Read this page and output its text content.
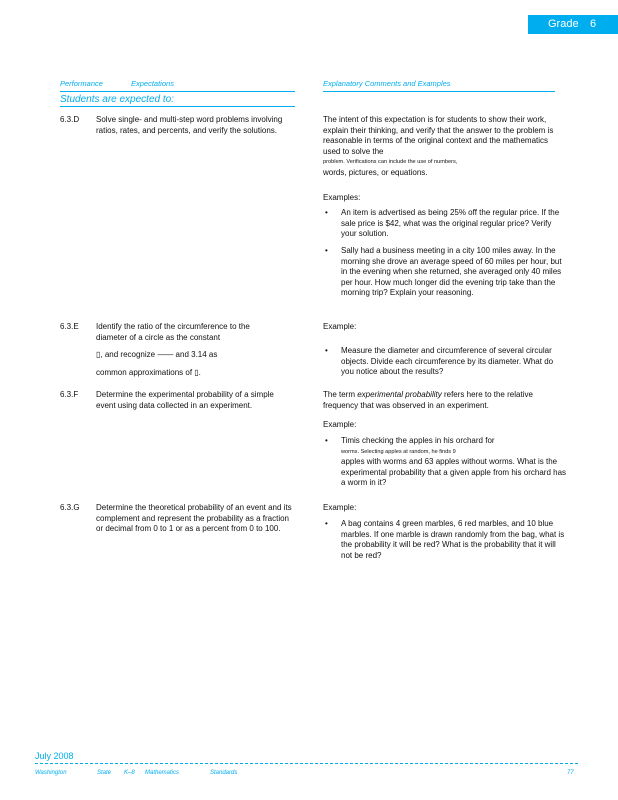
Grade 6
Performance	Expectations
Students are expected to:
Explanatory Comments and Examples
6.3.D Solve single- and multi-step word problems involving ratios, rates, and percents, and verify the solutions.
The intent of this expectation is for students to show their work, explain their thinking, and verify that the answer to the problem is reasonable in terms of the original context and the mathematics used to solve the
problem. Verifications can include the use of numbers,
words, pictures, or equations.
Examples:
• An item is advertised as being 25% off the regular price. If the sale price is $42, what was the original regular price? Verify your solution.
• Sally had a business meeting in a city 100 miles away. In the morning she drove an average speed of 60 miles per hour, but in the evening when she returned, she averaged only 40 miles per hour. How much longer did the evening trip take than the morning trip? Explain your reasoning.
6.3.E Identify the ratio of the circumference to the diameter of a circle as the constant
▯, and recognize —— and 3.14 as
common approximations of ▯.
Example:
• Measure the diameter and circumference of several circular objects. Divide each circumference by its diameter. What do you notice about the results?
6.3.F Determine the experimental probability of a simple event using data collected in an experiment.
The term experimental probability refers here to the relative frequency that was observed in an experiment.
Example:
• Timis checking the apples in his orchard for
worms. Selecting apples at random, he finds 9
apples with worms and 63 apples without worms. What is the experimental probability that a given apple from his orchard has a worm in it?
6.3.G Determine the theoretical probability of an event and its complement and represent the probability as a fraction or decimal from 0 to 1 or as a percent from 0 to 100.
Example:
• A bag contains 4 green marbles, 6 red marbles, and 10 blue marbles. If one marble is drawn randomly from the bag, what is the probability it will be red? What is the probability that it will not be red?
July 2008
Washington	State K–8 Mathematics	Standards	77
